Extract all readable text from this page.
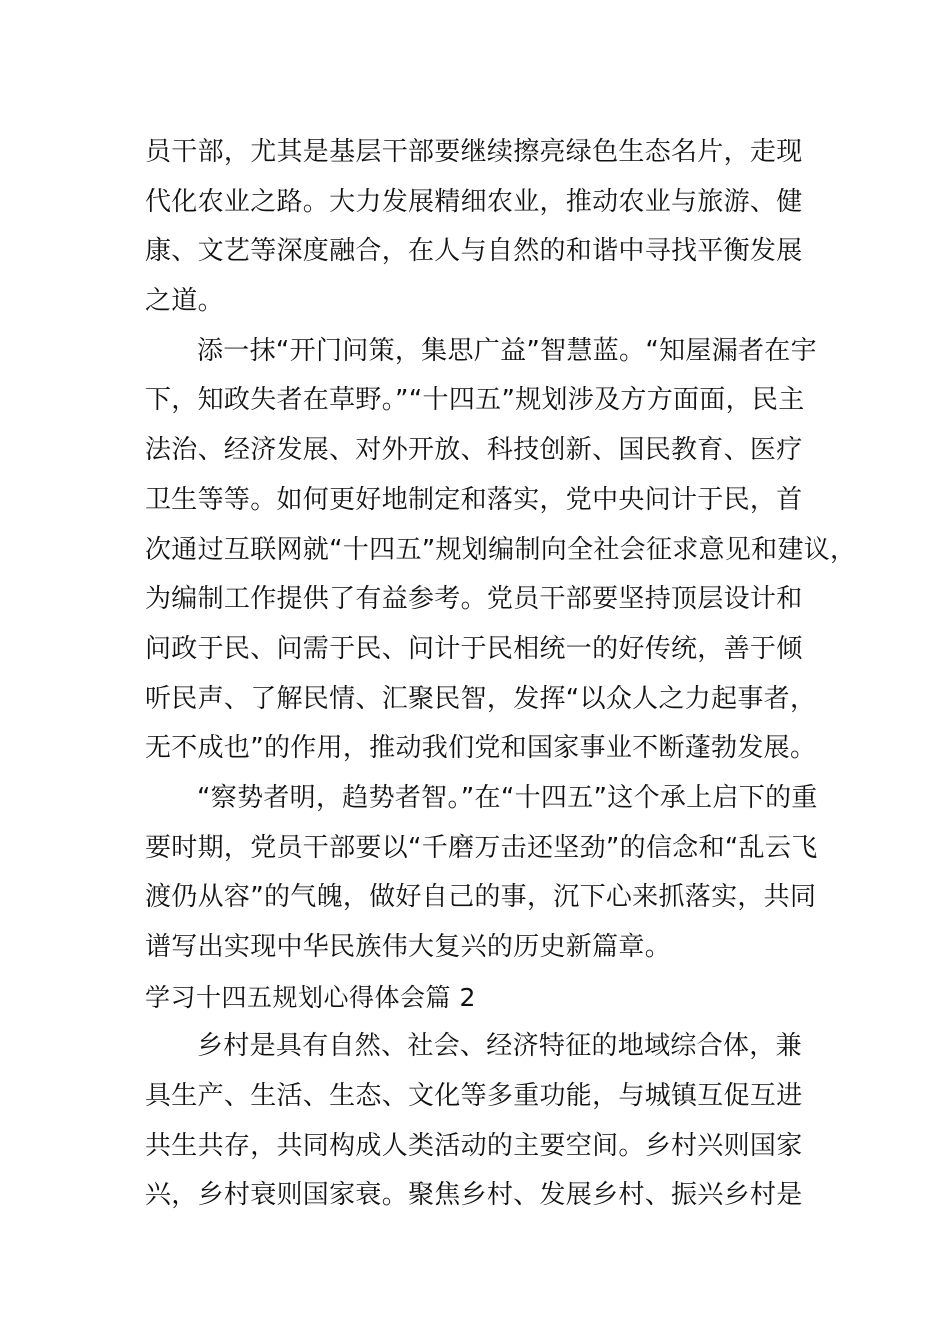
员干部，尤其是基层干部要继续擦亮绿色生态名片，走现
代化农业之路。大力发展精细农业，推动农业与旅游、健
康、文艺等深度融合，在人与自然的和谐中寻找平衡发展
之道。
添一抹“开门问策，集思广益”智慧蓝。“知屋漏者在宇
下，知政失者在草野。”“十四五”规划涉及方方面面，民主
法治、经济发展、对外开放、科技创新、国民教育、医疗
卫生等等。如何更好地制定和落实，党中央问计于民，首
次通过互联网就“十四五”规划编制向全社会征求意见和建议，
为编制工作提供了有益参考。党员干部要坚持顶层设计和
问政于民、问需于民、问计于民相统一的好传统，善于倾
听民声、了解民情、汇聚民智，发挥“以众人之力起事者，
无不成也”的作用，推动我们党和国家事业不断蓬勃发展。
“察势者明，趋势者智。”在“十四五”这个承上启下的重
要时期，党员干部要以“千磨万击还坚劲”的信念和“乱云飞
渡仍从容”的气魄，做好自己的事，沉下心来抓落实，共同
谱写出实现中华民族伟大复兴的历史新篇章。
学习十四五规划心得体会篇 2
乡村是具有自然、社会、经济特征的地域综合体，兼
具生产、生活、生态、文化等多重功能，与城镇互促互进
共生共存，共同构成人类活动的主要空间。乡村兴则国家
兴，乡村衰则国家衰。聚焦乡村、发展乡村、振兴乡村是
